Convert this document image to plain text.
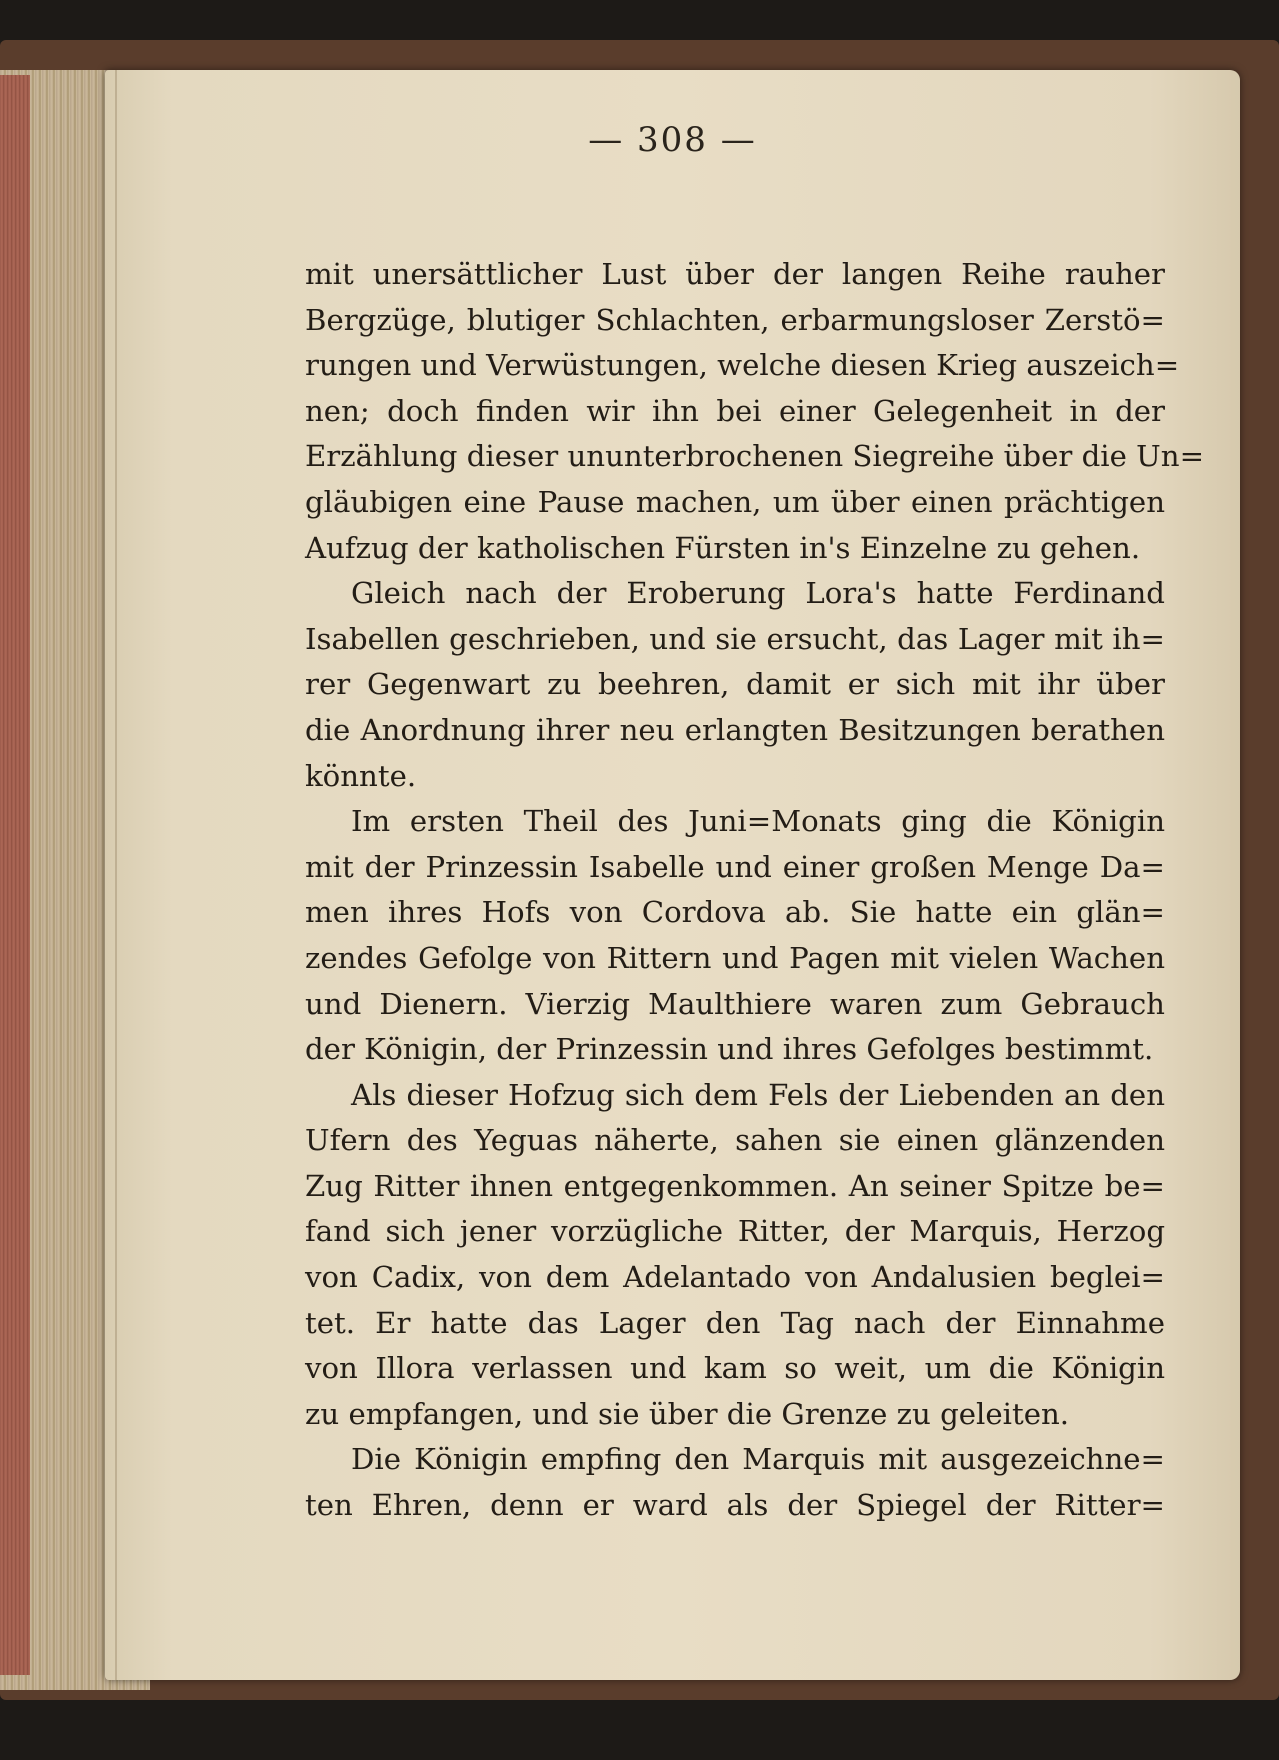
— 308 —
mit unersättlicher Lust über der langen Reihe rauher
Bergzüge, blutiger Schlachten, erbarmungsloser Zerstö=
rungen und Verwüstungen, welche diesen Krieg auszeich=
nen; doch finden wir ihn bei einer Gelegenheit in der
Erzählung dieser ununterbrochenen Siegreihe über die Un=
gläubigen eine Pause machen, um über einen prächtigen
Aufzug der katholischen Fürsten in's Einzelne zu gehen.
Gleich nach der Eroberung Lora's hatte Ferdinand
Isabellen geschrieben, und sie ersucht, das Lager mit ih=
rer Gegenwart zu beehren, damit er sich mit ihr über
die Anordnung ihrer neu erlangten Besitzungen berathen
könnte.
Im ersten Theil des Juni=Monats ging die Königin
mit der Prinzessin Isabelle und einer großen Menge Da=
men ihres Hofs von Cordova ab. Sie hatte ein glän=
zendes Gefolge von Rittern und Pagen mit vielen Wachen
und Dienern. Vierzig Maulthiere waren zum Gebrauch
der Königin, der Prinzessin und ihres Gefolges bestimmt.
Als dieser Hofzug sich dem Fels der Liebenden an den
Ufern des Yeguas näherte, sahen sie einen glänzenden
Zug Ritter ihnen entgegenkommen. An seiner Spitze be=
fand sich jener vorzügliche Ritter, der Marquis, Herzog
von Cadix, von dem Adelantado von Andalusien beglei=
tet. Er hatte das Lager den Tag nach der Einnahme
von Illora verlassen und kam so weit, um die Königin
zu empfangen, und sie über die Grenze zu geleiten.
Die Königin empfing den Marquis mit ausgezeichne=
ten Ehren, denn er ward als der Spiegel der Ritter=
